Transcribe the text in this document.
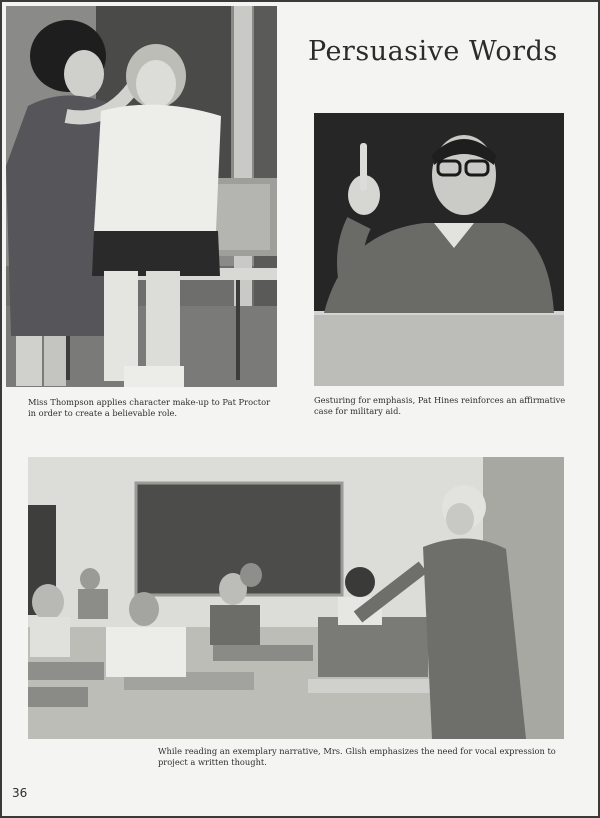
Persuasive Words
Miss Thompson applies character make-up to Pat Proctor in order to create a believable role.
Gesturing for emphasis, Pat Hines reinforces an affirmative case for military aid.
While reading an exemplary narrative, Mrs. Glish emphasizes the need for vocal expression to project a written thought.
36
